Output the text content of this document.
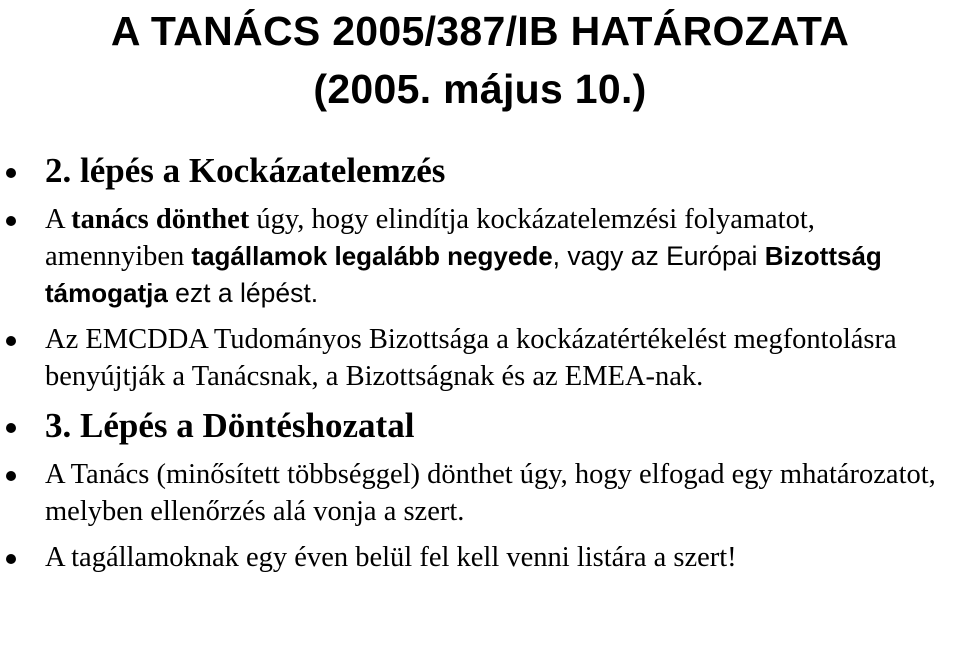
A TANÁCS 2005/387/IB HATÁROZATA
(2005. május 10.)
2. lépés a Kockázatelemzés
A tanács dönthet úgy, hogy elindítja kockázatelemzési folyamatot, amennyiben tagállamok legalább negyede, vagy az Európai Bizottság támogatja ezt a lépést.
Az EMCDDA Tudományos Bizottsága a kockázatértékelést megfontolásra benyújtják a Tanácsnak, a Bizottságnak és az EMEA-nak.
3. Lépés a Döntéshozatal
A Tanács (minősített többséggel) dönthet úgy, hogy elfogad egy mhatározatot, melyben ellenőrzés alá vonja a szert.
A tagállamoknak egy éven belül fel kell venni listára a szert!
